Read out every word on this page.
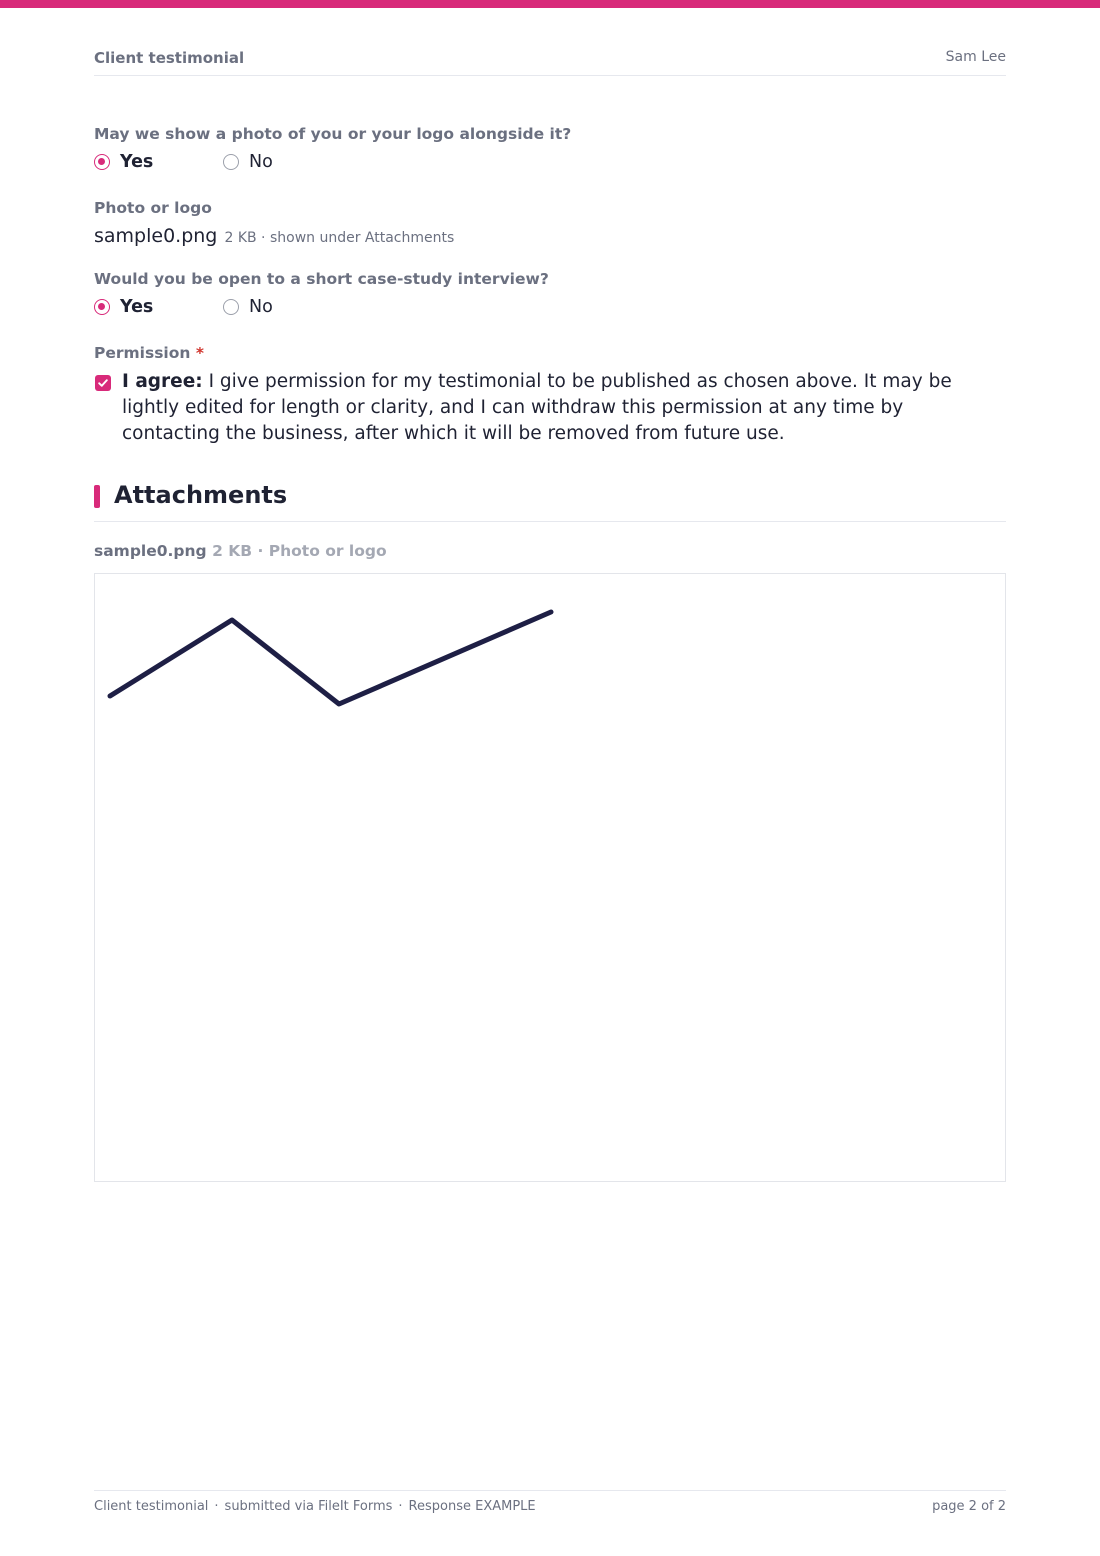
Client testimonial	Sam Lee
May we show a photo of you or your logo alongside it?
Yes	No
Photo or logo
sample0.png 2 KB · shown under Attachments
Would you be open to a short case-study interview?
Yes	No
Permission *
I agree: I give permission for my testimonial to be published as chosen above. It may be lightly edited for length or clarity, and I can withdraw this permission at any time by contacting the business, after which it will be removed from future use.
Attachments
sample0.png 2 KB · Photo or logo
Client testimonial · submitted via FileIt Forms · Response EXAMPLE	page 2 of 2
